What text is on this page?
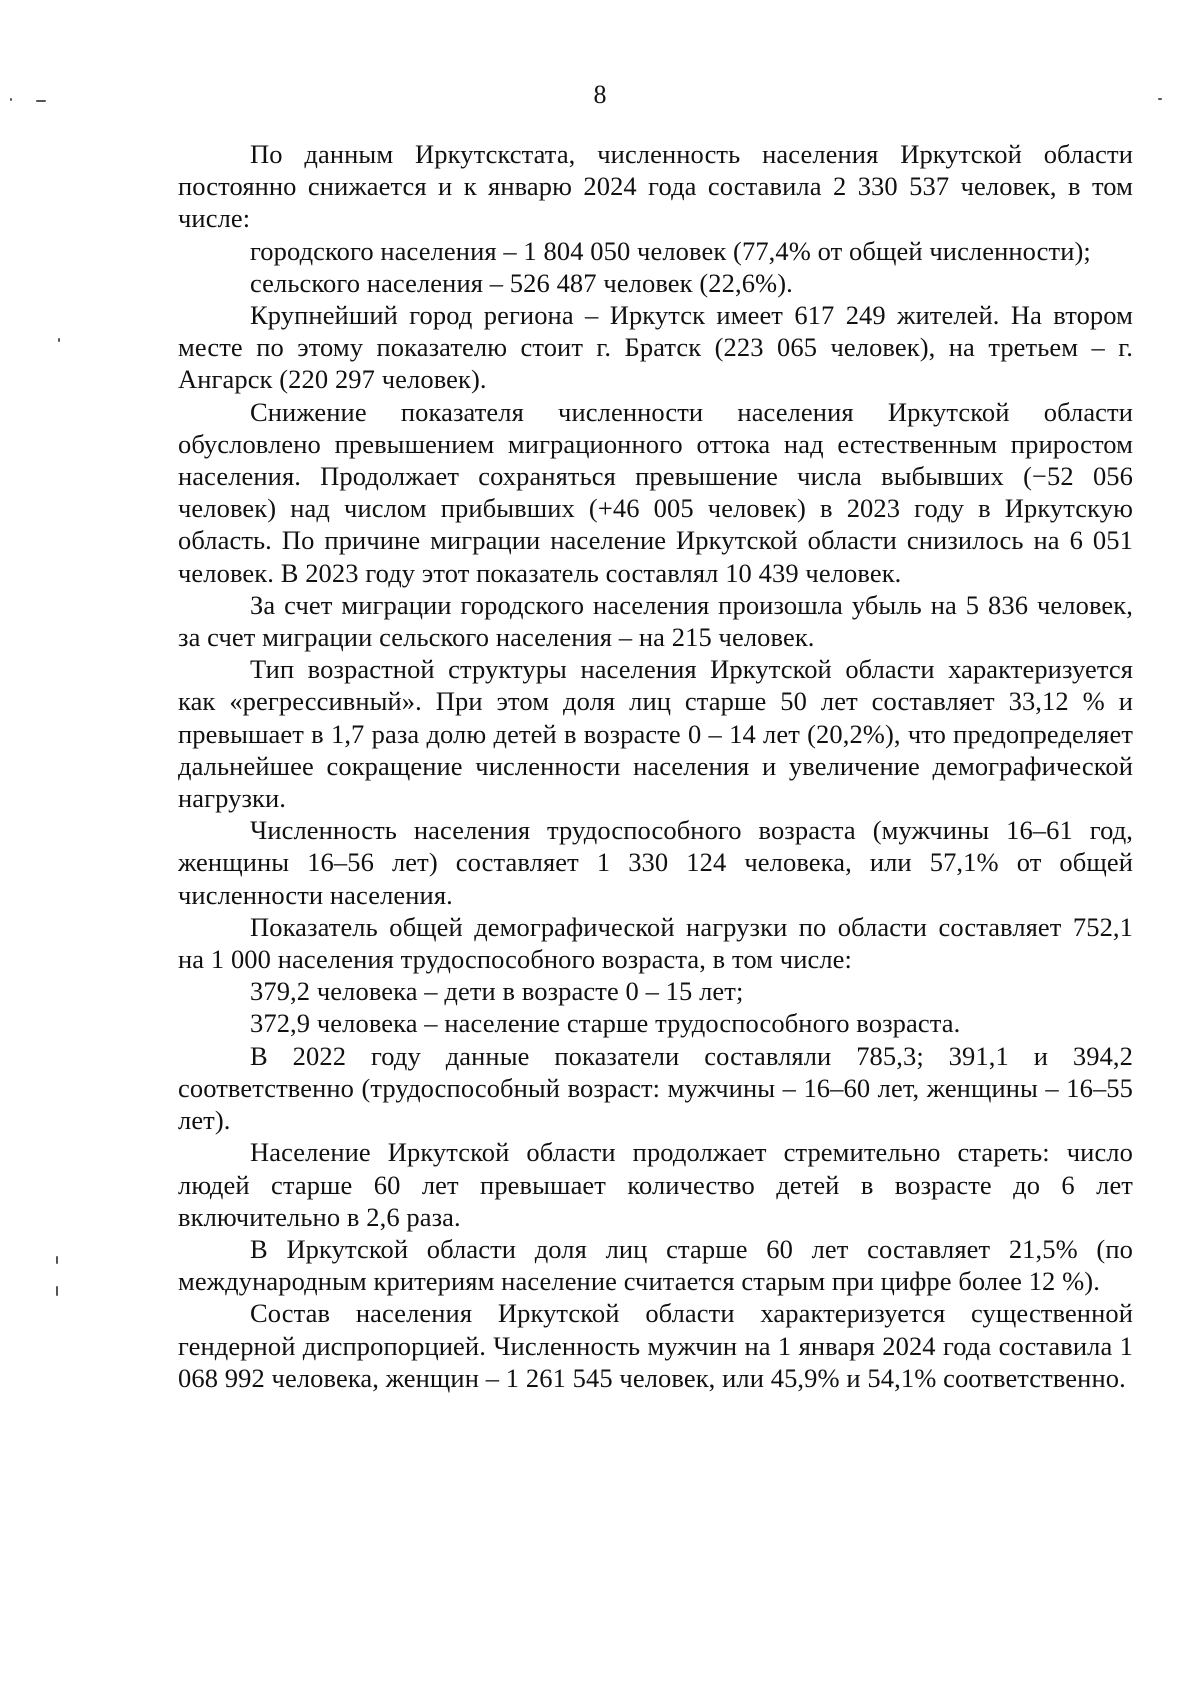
8

По данным Иркутскстата, численность населения Иркутской области постоянно снижается и к январю 2024 года составила 2 330 537 человек, в том числе:

городского населения – 1 804 050 человек (77,4% от общей численности);

сельского населения – 526 487 человек (22,6%).

Крупнейший город региона – Иркутск имеет 617 249 жителей. На втором месте по этому показателю стоит г. Братск (223 065 человек), на третьем – г. Ангарск (220 297 человек).

Снижение показателя численности населения Иркутской области обусловлено превышением миграционного оттока над естественным приростом населения. Продолжает сохраняться превышение числа выбывших (−52 056 человек) над числом прибывших (+46 005 человек) в 2023 году в Иркутскую область. По причине миграции население Иркутской области снизилось на 6 051 человек. В 2023 году этот показатель составлял 10 439 человек.

За счет миграции городского населения произошла убыль на 5 836 человек, за счет миграции сельского населения – на 215 человек.

Тип возрастной структуры населения Иркутской области характеризуется как «регрессивный». При этом доля лиц старше 50 лет составляет 33,12 % и превышает в 1,7 раза долю детей в возрасте 0 – 14 лет (20,2%), что предопределяет дальнейшее сокращение численности населения и увеличение демографической нагрузки.

Численность населения трудоспособного возраста (мужчины 16–61 год, женщины 16–56 лет) составляет 1 330 124 человека, или 57,1% от общей численности населения.

Показатель общей демографической нагрузки по области составляет 752,1 на 1 000 населения трудоспособного возраста, в том числе:

379,2 человека – дети в возрасте 0 – 15 лет;

372,9 человека – население старше трудоспособного возраста.

В 2022 году данные показатели составляли 785,3; 391,1 и 394,2 соответственно (трудоспособный возраст: мужчины – 16–60 лет, женщины – 16–55 лет).

Население Иркутской области продолжает стремительно стареть: число людей старше 60 лет превышает количество детей в возрасте до 6 лет включительно в 2,6 раза.

В Иркутской области доля лиц старше 60 лет составляет 21,5% (по международным критериям население считается старым при цифре более 12 %).

Состав населения Иркутской области характеризуется существенной гендерной диспропорцией. Численность мужчин на 1 января 2024 года составила 1 068 992 человека, женщин – 1 261 545 человек, или 45,9% и 54,1% соответственно.
